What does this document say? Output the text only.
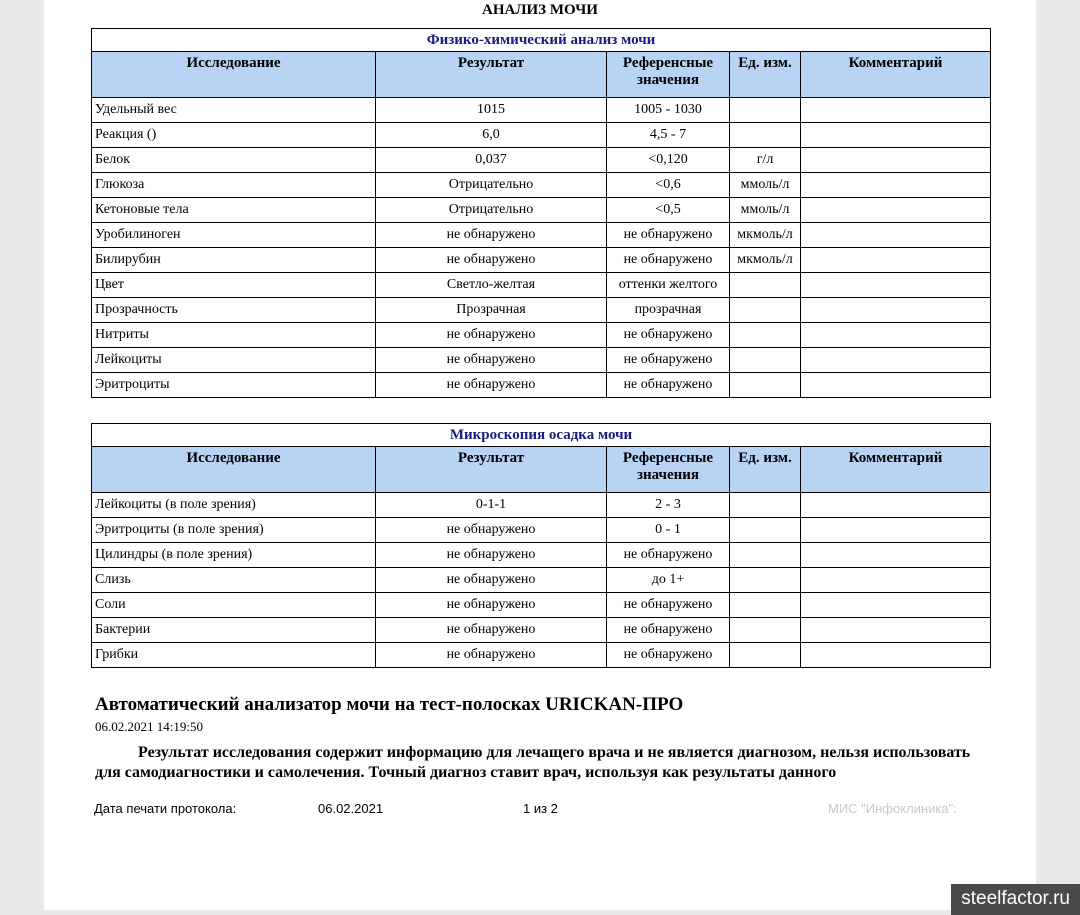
АНАЛИЗ МОЧИ
Физико-химический анализ мочи				
Исследование	Результат	Референсные значения	Ед. изм.	Комментарий
Удельный вес	1015	1005 - 1030		
Реакция ()	6,0	4,5 - 7		
Белок	0,037	<0,120	г/л	
Глюкоза	Отрицательно	<0,6	ммоль/л	
Кетоновые тела	Отрицательно	<0,5	ммоль/л	
Уробилиноген	не обнаружено	не обнаружено	мкмоль/л	
Билирубин	не обнаружено	не обнаружено	мкмоль/л	
Цвет	Светло-желтая	оттенки желтого		
Прозрачность	Прозрачная	прозрачная		
Нитриты	не обнаружено	не обнаружено		
Лейкоциты	не обнаружено	не обнаружено		
Эритроциты	не обнаружено	не обнаружено		
Микроскопия осадка мочи				
Исследование	Результат	Референсные значения	Ед. изм.	Комментарий
Лейкоциты (в поле зрения)	0-1-1	2 - 3		
Эритроциты (в поле зрения)	не обнаружено	0 - 1		
Цилиндры (в поле зрения)	не обнаружено	не обнаружено		
Слизь	не обнаружено	до 1+		
Соли	не обнаружено	не обнаружено		
Бактерии	не обнаружено	не обнаружено		
Грибки	не обнаружено	не обнаружено		
Автоматический анализатор мочи на тест-полосках URICKAN-ПРО
06.02.2021 14:19:50
Результат исследования содержит информацию для лечащего врача и не является диагнозом, нельзя использовать для самодиагностики и самолечения. Точный диагноз ставит врач, используя как результаты данного
Дата печати протокола:	06.02.2021	1 из 2	МИС "Инфоклиника":
steelfactor.ru
